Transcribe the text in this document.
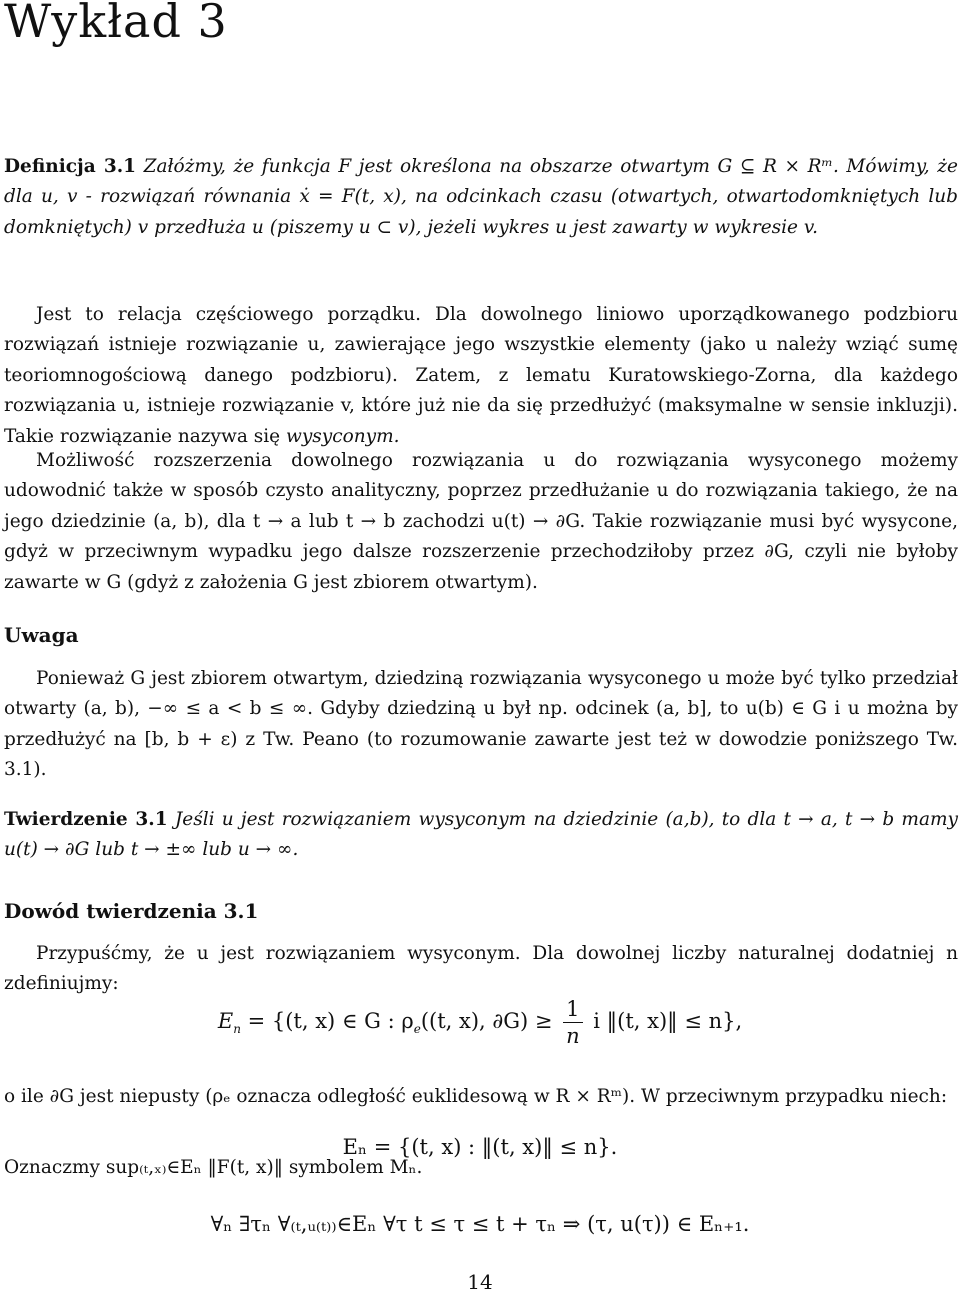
Wykład 3

Definicja 3.1 Załóżmy, że funkcja F jest określona na obszarze otwartym G ⊆ R × Rᵐ. Mówimy, że dla u, v - rozwiązań równania ẋ = F(t, x), na odcinkach czasu (otwartych, otwartodomkniętych lub domkniętych) v przedłuża u (piszemy u ⊂ v), jeżeli wykres u jest zawarty w wykresie v.

Jest to relacja częściowego porządku. Dla dowolnego liniowo uporządkowanego podzbioru rozwiązań istnieje rozwiązanie u, zawierające jego wszystkie elementy (jako u należy wziąć sumę teoriomnogościową danego podzbioru). Zatem, z lematu Kuratowskiego-Zorna, dla każdego rozwiązania u, istnieje rozwiązanie v, które już nie da się przedłużyć (maksymalne w sensie inkluzji). Takie rozwiązanie nazywa się wysyconym.

Możliwość rozszerzenia dowolnego rozwiązania u do rozwiązania wysyconego możemy udowodnić także w sposób czysto analityczny, poprzez przedłużanie u do rozwiązania takiego, że na jego dziedzinie (a, b), dla t → a lub t → b zachodzi u(t) → ∂G. Takie rozwiązanie musi być wysycone, gdyż w przeciwnym wypadku jego dalsze rozszerzenie przechodziłoby przez ∂G, czyli nie byłoby zawarte w G (gdyż z założenia G jest zbiorem otwartym).

Uwaga

Ponieważ G jest zbiorem otwartym, dziedziną rozwiązania wysyconego u może być tylko przedział otwarty (a, b), −∞ ≤ a < b ≤ ∞. Gdyby dziedziną u był np. odcinek (a, b], to u(b) ∈ G i u można by przedłużyć na [b, b + ε) z Tw. Peano (to rozumowanie zawarte jest też w dowodzie poniższego Tw. 3.1).

Twierdzenie 3.1 Jeśli u jest rozwiązaniem wysyconym na dziedzinie (a,b), to dla t → a, t → b mamy u(t) → ∂G lub t → ±∞ lub u → ∞.

Dowód twierdzenia 3.1

Przypuśćmy, że u jest rozwiązaniem wysyconym. Dla dowolnej liczby naturalnej dodatniej n zdefiniujmy:

$E_n = \{(t$, x) ∈ G : $\rho_e((t$, x), $\partial G) \ge \frac{1}{n}$ i ‖(t, x)‖ ≤ n},

o ile ∂G jest niepusty (ρₑ oznacza odległość euklidesową w R × Rᵐ). W przeciwnym przypadku niech:

Eₙ = {(t, x) : ‖(t, x)‖ ≤ n}.

Oznaczmy sup₍ₜ,ₓ₎∈Eₙ ‖F(t, x)‖ symbolem Mₙ.

∀ₙ ∃τₙ ∀₍ₜ,ᵤ₍ₜ₎₎∈Eₙ ∀τ t ≤ τ ≤ t + τₙ ⇒ (τ, u(τ)) ∈ Eₙ₊₁.
14
